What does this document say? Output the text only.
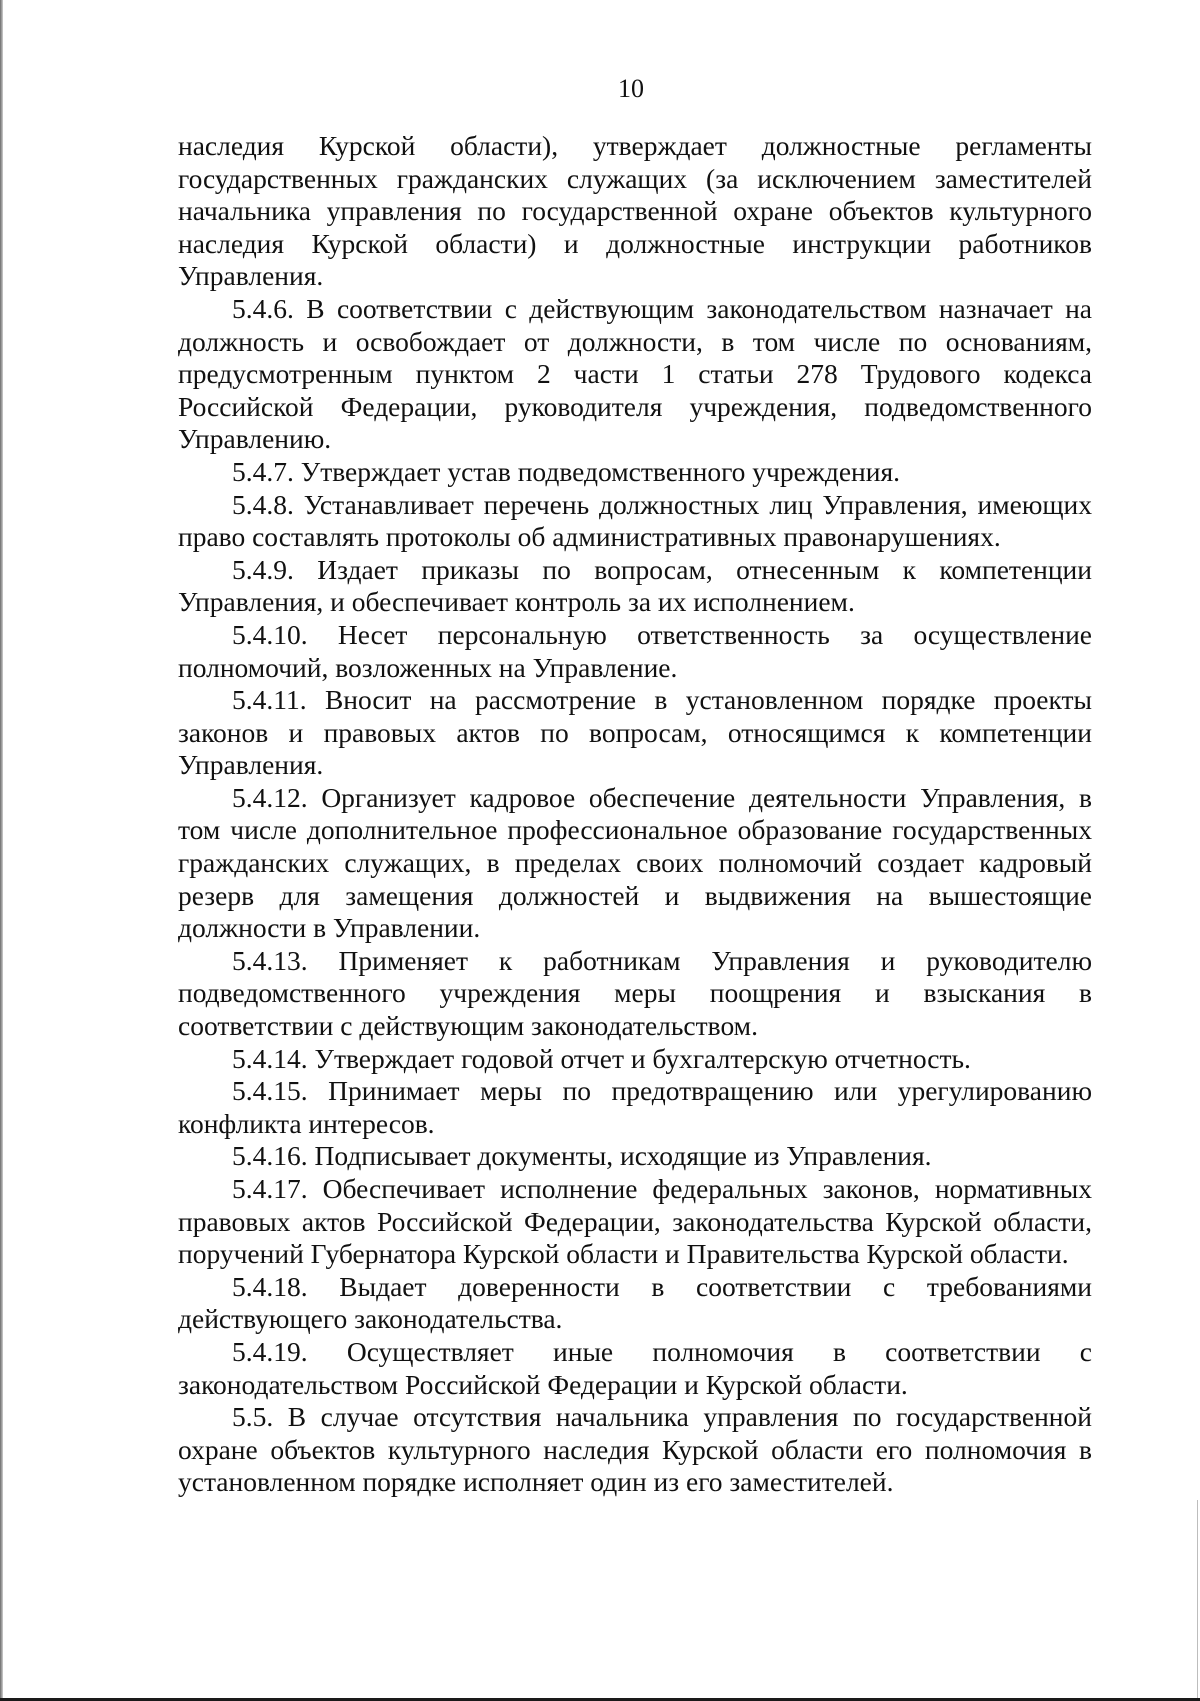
10

наследия Курской области), утверждает должностные регламенты государственных гражданских служащих (за исключением заместителей начальника управления по государственной охране объектов культурного наследия Курской области) и должностные инструкции работников Управления.

5.4.6. В соответствии с действующим законодательством назначает на должность и освобождает от должности, в том числе по основаниям, предусмотренным пунктом 2 части 1 статьи 278 Трудового кодекса Российской Федерации, руководителя учреждения, подведомственного Управлению.

5.4.7. Утверждает устав подведомственного учреждения.

5.4.8. Устанавливает перечень должностных лиц Управления, имеющих право составлять протоколы об административных правонарушениях.

5.4.9. Издает приказы по вопросам, отнесенным к компетенции Управления, и обеспечивает контроль за их исполнением.

5.4.10. Несет персональную ответственность за осуществление полномочий, возложенных на Управление.

5.4.11. Вносит на рассмотрение в установленном порядке проекты законов и правовых актов по вопросам, относящимся к компетенции Управления.

5.4.12. Организует кадровое обеспечение деятельности Управления, в том числе дополнительное профессиональное образование государственных гражданских служащих, в пределах своих полномочий создает кадровый резерв для замещения должностей и выдвижения на вышестоящие должности в Управлении.

5.4.13. Применяет к работникам Управления и руководителю подведомственного учреждения меры поощрения и взыскания в соответствии с действующим законодательством.

5.4.14. Утверждает годовой отчет и бухгалтерскую отчетность.

5.4.15. Принимает меры по предотвращению или урегулированию конфликта интересов.

5.4.16. Подписывает документы, исходящие из Управления.

5.4.17. Обеспечивает исполнение федеральных законов, нормативных правовых актов Российской Федерации, законодательства Курской области, поручений Губернатора Курской области и Правительства Курской области.

5.4.18. Выдает доверенности в соответствии с требованиями действующего законодательства.

5.4.19. Осуществляет иные полномочия в соответствии с законодательством Российской Федерации и Курской области.

5.5. В случае отсутствия начальника управления по государственной охране объектов культурного наследия Курской области его полномочия в установленном порядке исполняет один из его заместителей.
